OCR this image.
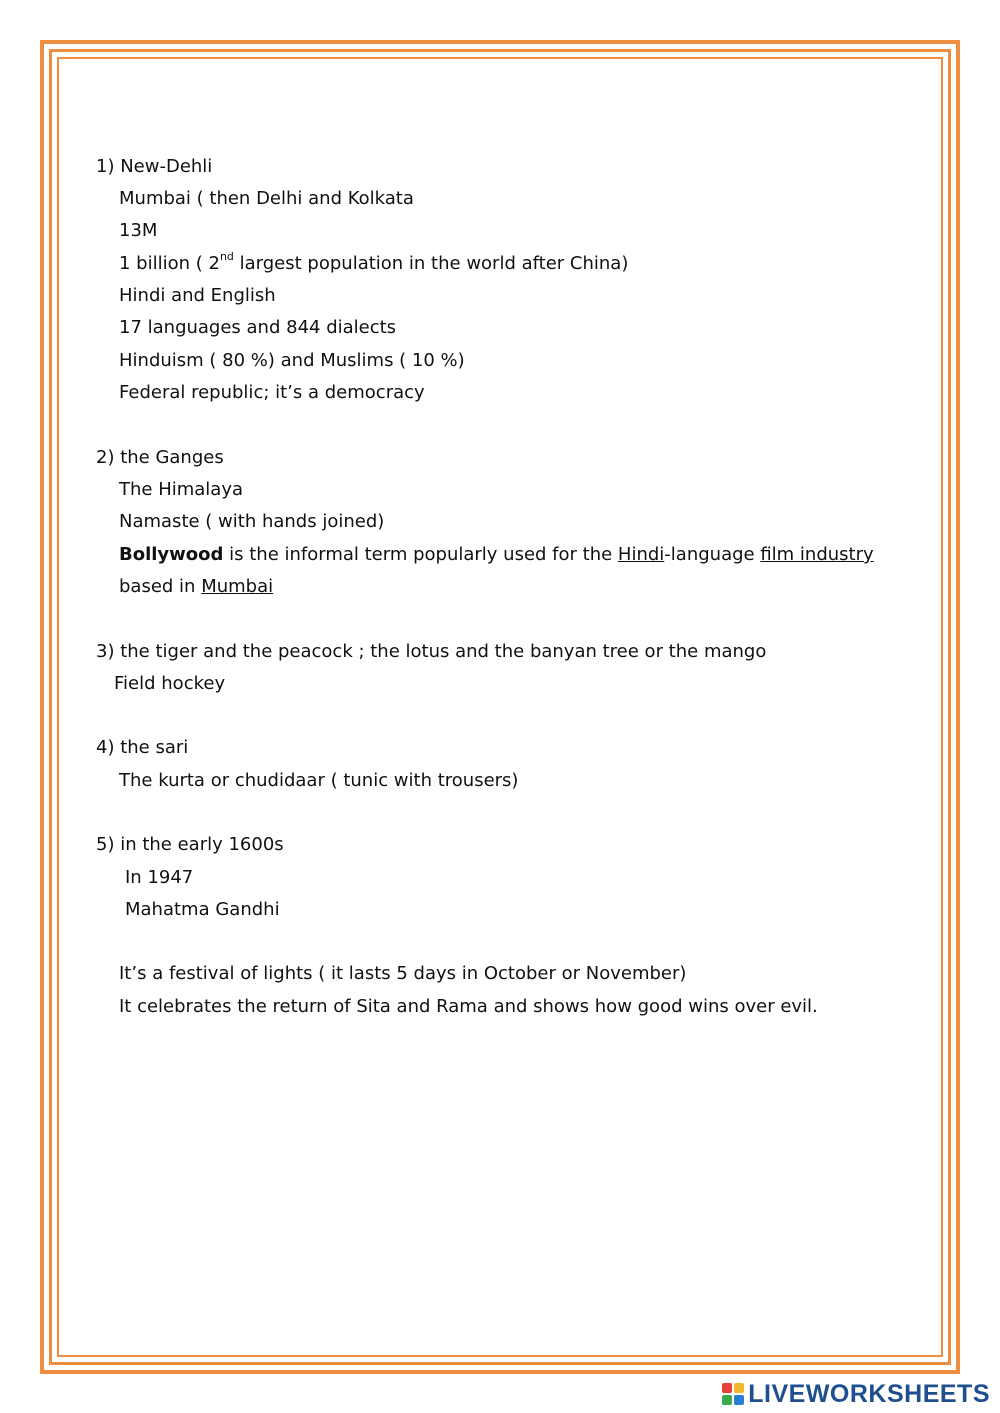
1) New-Dehli
Mumbai ( then Delhi and Kolkata
13M
1 billion ( 2nd largest population in the world after China)
Hindi and English
17 languages and 844 dialects
Hinduism ( 80 %) and Muslims ( 10 %)
Federal republic; it’s a democracy
2) the Ganges
The Himalaya
Namaste ( with hands joined)
Bollywood is the informal term popularly used for the Hindi-language film industry
based in Mumbai
3) the tiger and the peacock ; the lotus and the banyan tree or the mango
Field hockey
4) the sari
The kurta or chudidaar ( tunic with trousers)
5) in the early 1600s
In 1947
Mahatma Gandhi
It’s a festival of lights ( it lasts 5 days in October or November)
It celebrates the return of Sita and Rama and shows how good wins over evil.
LIVEWORKSHEETS
